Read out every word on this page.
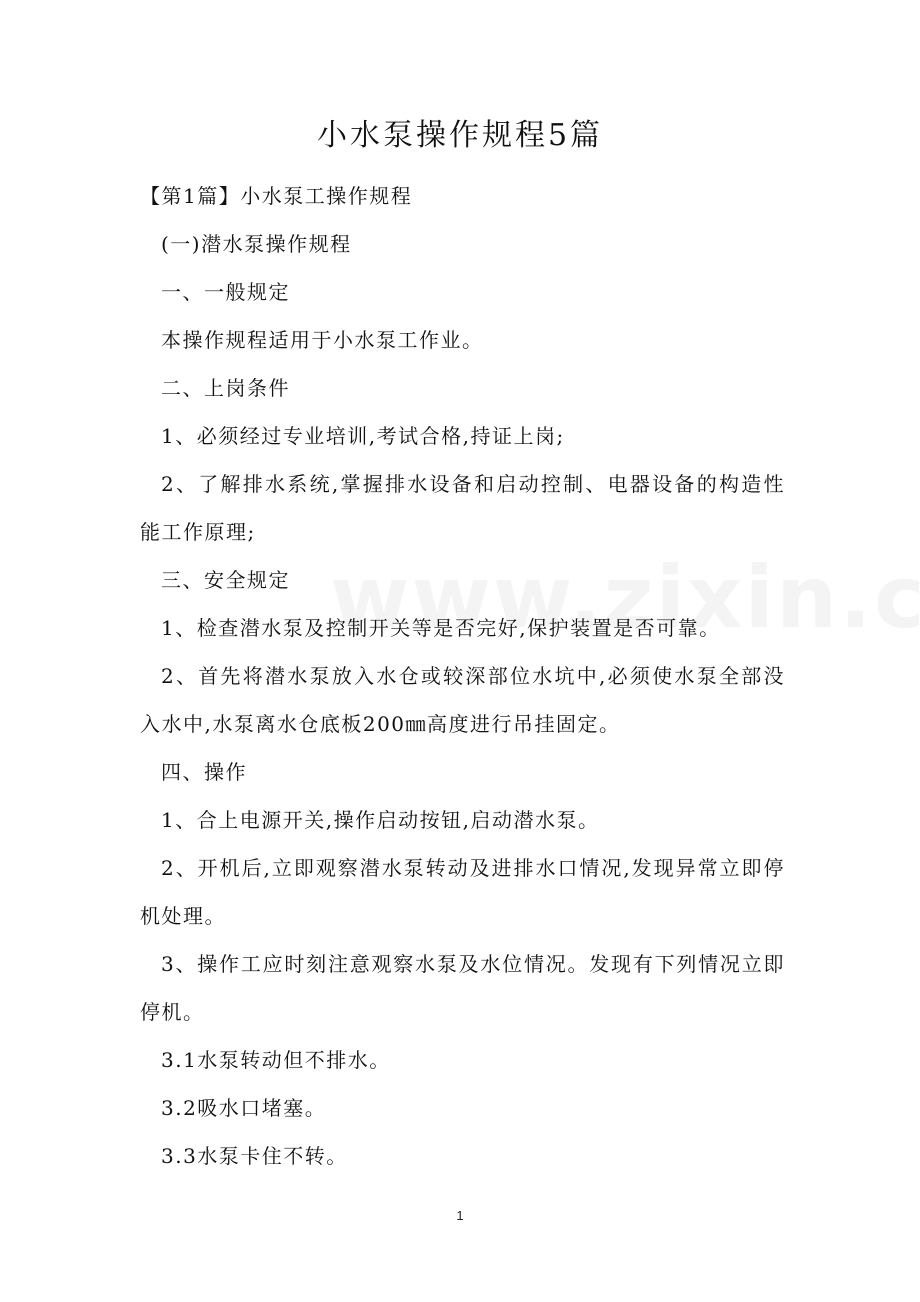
小水泵操作规程5篇

【第1篇】小水泵工操作规程

(一)潜水泵操作规程

一、一般规定

本操作规程适用于小水泵工作业。

二、上岗条件

1、必须经过专业培训,考试合格,持证上岗;

2、了解排水系统,掌握排水设备和启动控制、电器设备的构造性能工作原理;

三、安全规定

1、检查潜水泵及控制开关等是否完好,保护装置是否可靠。

2、首先将潜水泵放入水仓或较深部位水坑中,必须使水泵全部没入水中,水泵离水仓底板200㎜高度进行吊挂固定。

四、操作

1、合上电源开关,操作启动按钮,启动潜水泵。

2、开机后,立即观察潜水泵转动及进排水口情况,发现异常立即停机处理。

3、操作工应时刻注意观察水泵及水位情况。发现有下列情况立即停机。

3.1水泵转动但不排水。

3.2吸水口堵塞。

3.3水泵卡住不转。

1
